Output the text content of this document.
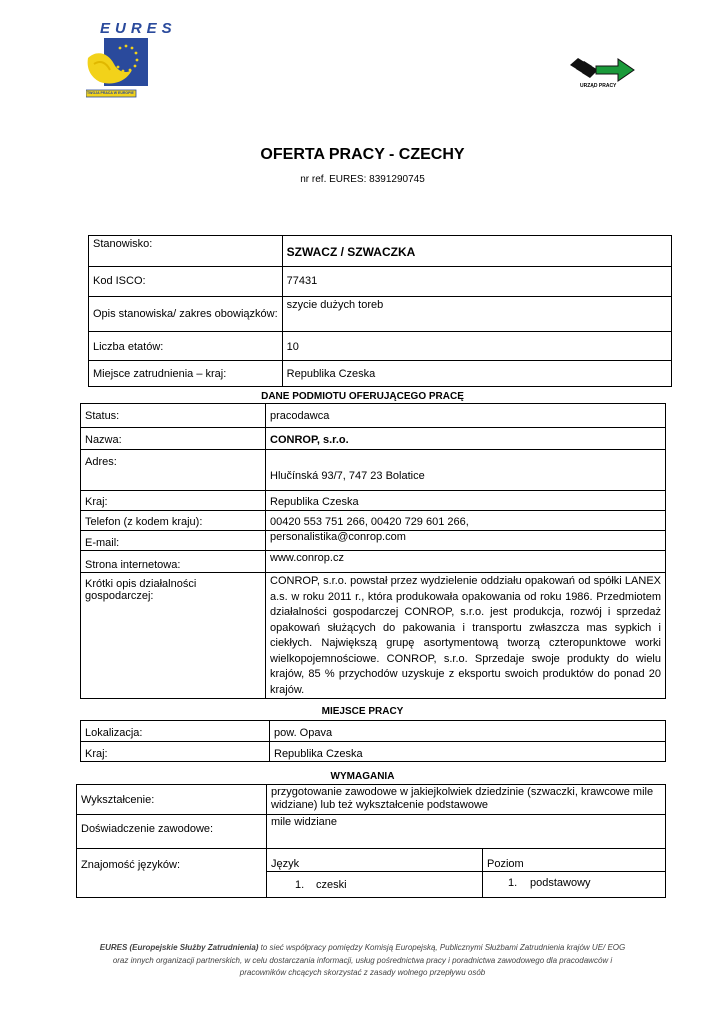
EURES
TWOJA PRACA W EUROPIE
URZĄD PRACY
OFERTA PRACY - CZECHY
nr ref. EURES: 8391290745
Stanowisko:	SZWACZ / SZWACZKA
Kod ISCO:	77431
Opis stanowiska/ zakres obowiązków:	szycie dużych toreb
Liczba etatów:	10
Miejsce zatrudnienia – kraj:	Republika Czeska
DANE PODMIOTU OFERUJĄCEGO PRACĘ
Status:	pracodawca
Nazwa:	CONROP, s.r.o.
Adres:	Hlučínská 93/7, 747 23 Bolatice
Kraj:	Republika Czeska
Telefon (z kodem kraju):	00420 553 751 266, 00420 729 601 266,
E-mail:	personalistika@conrop.com
Strona internetowa:	www.conrop.cz
Krótki opis działalności gospodarczej:	CONROP, s.r.o. powstał przez wydzielenie oddziału opakowań od spółki LANEX a.s. w roku 2011 r., która produkowała opakowania od roku 1986. Przedmiotem działalności gospodarczej CONROP, s.r.o. jest produkcja, rozwój i sprzedaż opakowań służących do pakowania i transportu zwłaszcza mas sypkich i ciekłych. Największą grupę asortymentową tworzą czteropunktowe worki wielkopojemnościowe. CONROP, s.r.o. Sprzedaje swoje produkty do wielu krajów, 85 % przychodów uzyskuje z eksportu swoich produktów do ponad 20 krajów.
MIEJSCE PRACY
Lokalizacja:	pow. Opava
Kraj:	Republika Czeska
WYMAGANIA
Wykształcenie:	przygotowanie zawodowe w jakiejkolwiek dziedzinie (szwaczki, krawcowe mile widziane) lub też wykształcenie podstawowe	
Doświadczenie zawodowe:	mile widziane	
Znajomość języków:	Język	Poziom
	1. czeski	1. podstawowy
EURES (Europejskie Służby Zatrudnienia) to sieć współpracy pomiędzy Komisją Europejską, Publicznymi Służbami Zatrudnienia krajów UE/ EOG
oraz innych organizacji partnerskich, w celu dostarczania informacji, usług pośrednictwa pracy i poradnictwa zawodowego dla pracodawców i
pracowników chcących skorzystać z zasady wolnego przepływu osób
